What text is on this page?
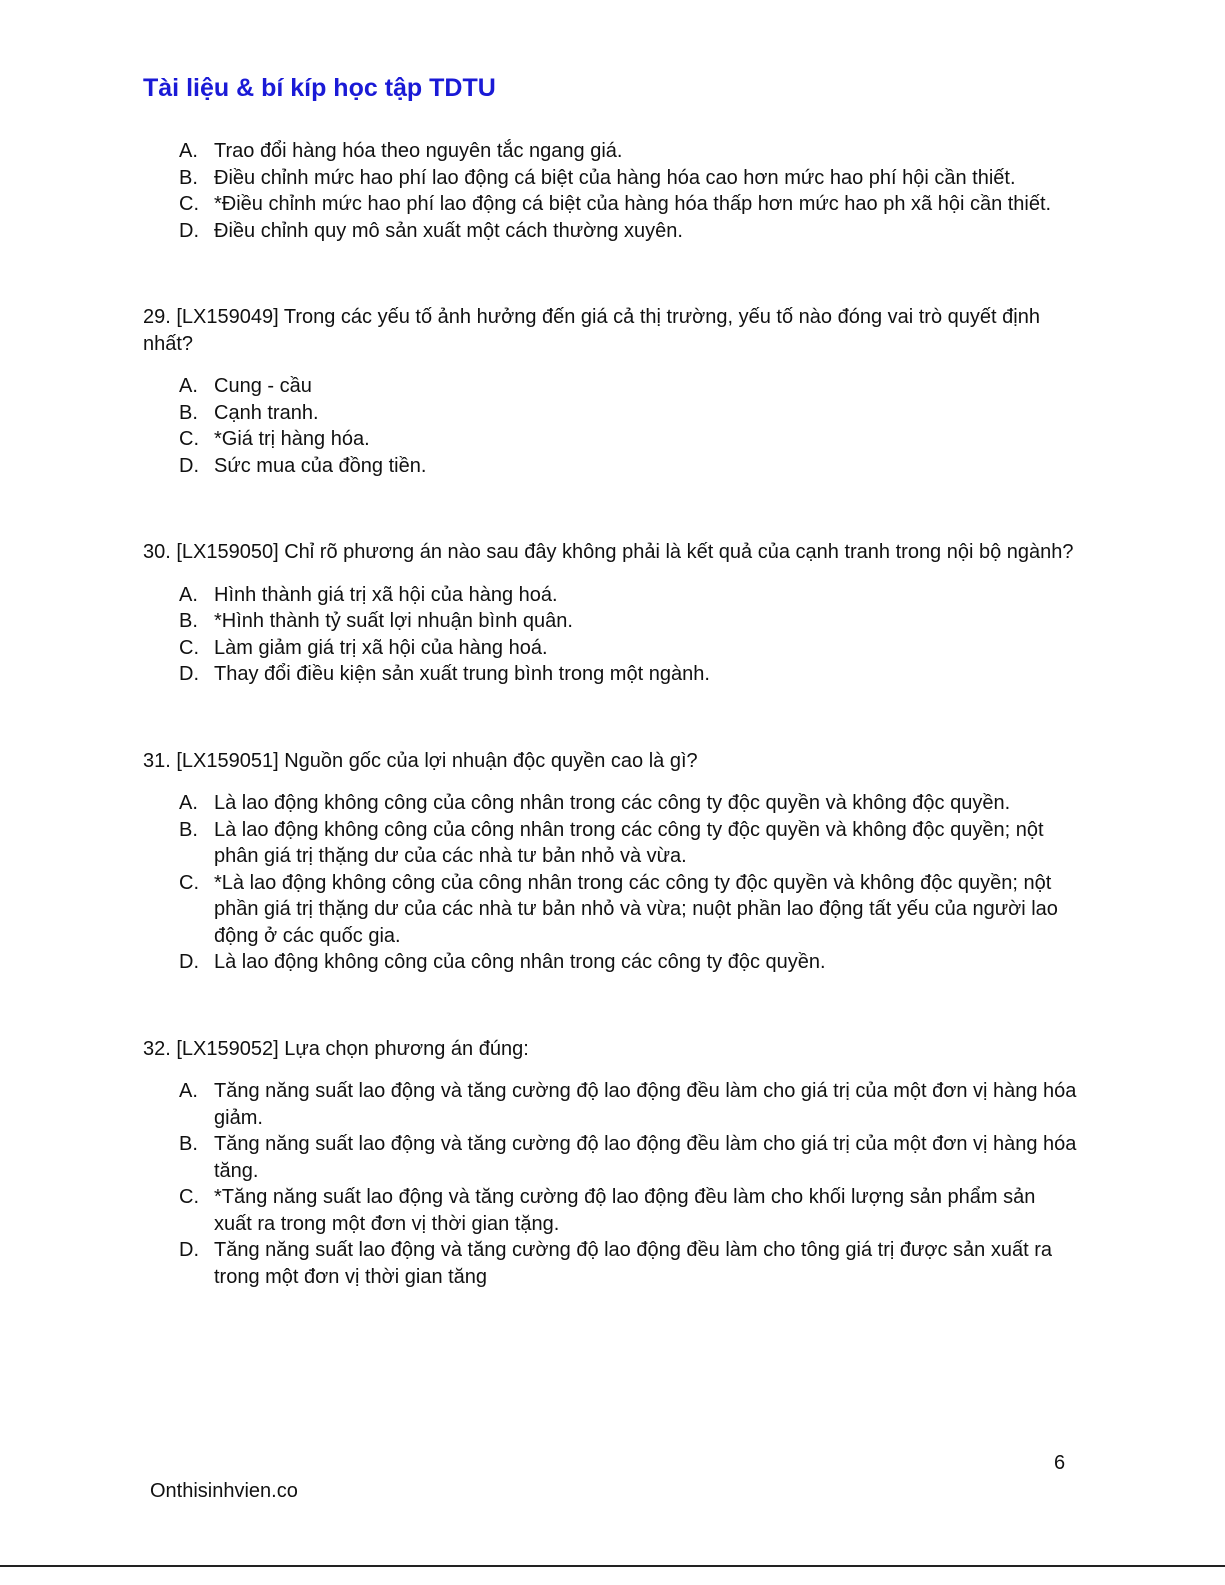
Tài liệu & bí kíp học tập TDTU
A. Trao đổi hàng hóa theo nguyên tắc ngang giá.
B. Điều chỉnh mức hao phí lao động cá biệt của hàng hóa cao hơn mức hao phí hội cần thiết.
C. *Điều chỉnh mức hao phí lao động cá biệt của hàng hóa thấp hơn mức hao ph xã hội cần thiết.
D. Điều chỉnh quy mô sản xuất một cách thường xuyên.

29. [LX159049] Trong các yếu tố ảnh hưởng đến giá cả thị trường, yếu tố nào đóng vai trò quyết định nhất?

A. Cung - cầu
B. Cạnh tranh.
C. *Giá trị hàng hóa.
D. Sức mua của đồng tiền.

30. [LX159050] Chỉ rõ phương án nào sau đây không phải là kết quả của cạnh tranh trong nội bộ ngành?

A. Hình thành giá trị xã hội của hàng hoá.
B. *Hình thành tỷ suất lợi nhuận bình quân.
C. Làm giảm giá trị xã hội của hàng hoá.
D. Thay đổi điều kiện sản xuất trung bình trong một ngành.

31. [LX159051] Nguồn gốc của lợi nhuận độc quyền cao là gì?

A. Là lao động không công của công nhân trong các công ty độc quyền và không độc quyền.
B. Là lao động không công của công nhân trong các công ty độc quyền và không độc quyền; nột phân giá trị thặng dư của các nhà tư bản nhỏ và vừa.
C. *Là lao động không công của công nhân trong các công ty độc quyền và không độc quyền; nột phần giá trị thặng dư của các nhà tư bản nhỏ và vừa; nuột phần lao động tất yếu của người lao động ở các quốc gia.
D. Là lao động không công của công nhân trong các công ty độc quyền.

32. [LX159052] Lựa chọn phương án đúng:

A. Tăng năng suất lao động và tăng cường độ lao động đều làm cho giá trị của một đơn vị hàng hóa giảm.
B. Tăng năng suất lao động và tăng cường độ lao động đều làm cho giá trị của một đơn vị hàng hóa tăng.
C. *Tăng năng suất lao động và tăng cường độ lao động đều làm cho khối lượng sản phẩm sản xuất ra trong một đơn vị thời gian tặng.
D. Tăng năng suất lao động và tăng cường độ lao động đều làm cho tông giá trị được sản xuất ra trong một đơn vị thời gian tăng
6
Onthisinhvien.co
